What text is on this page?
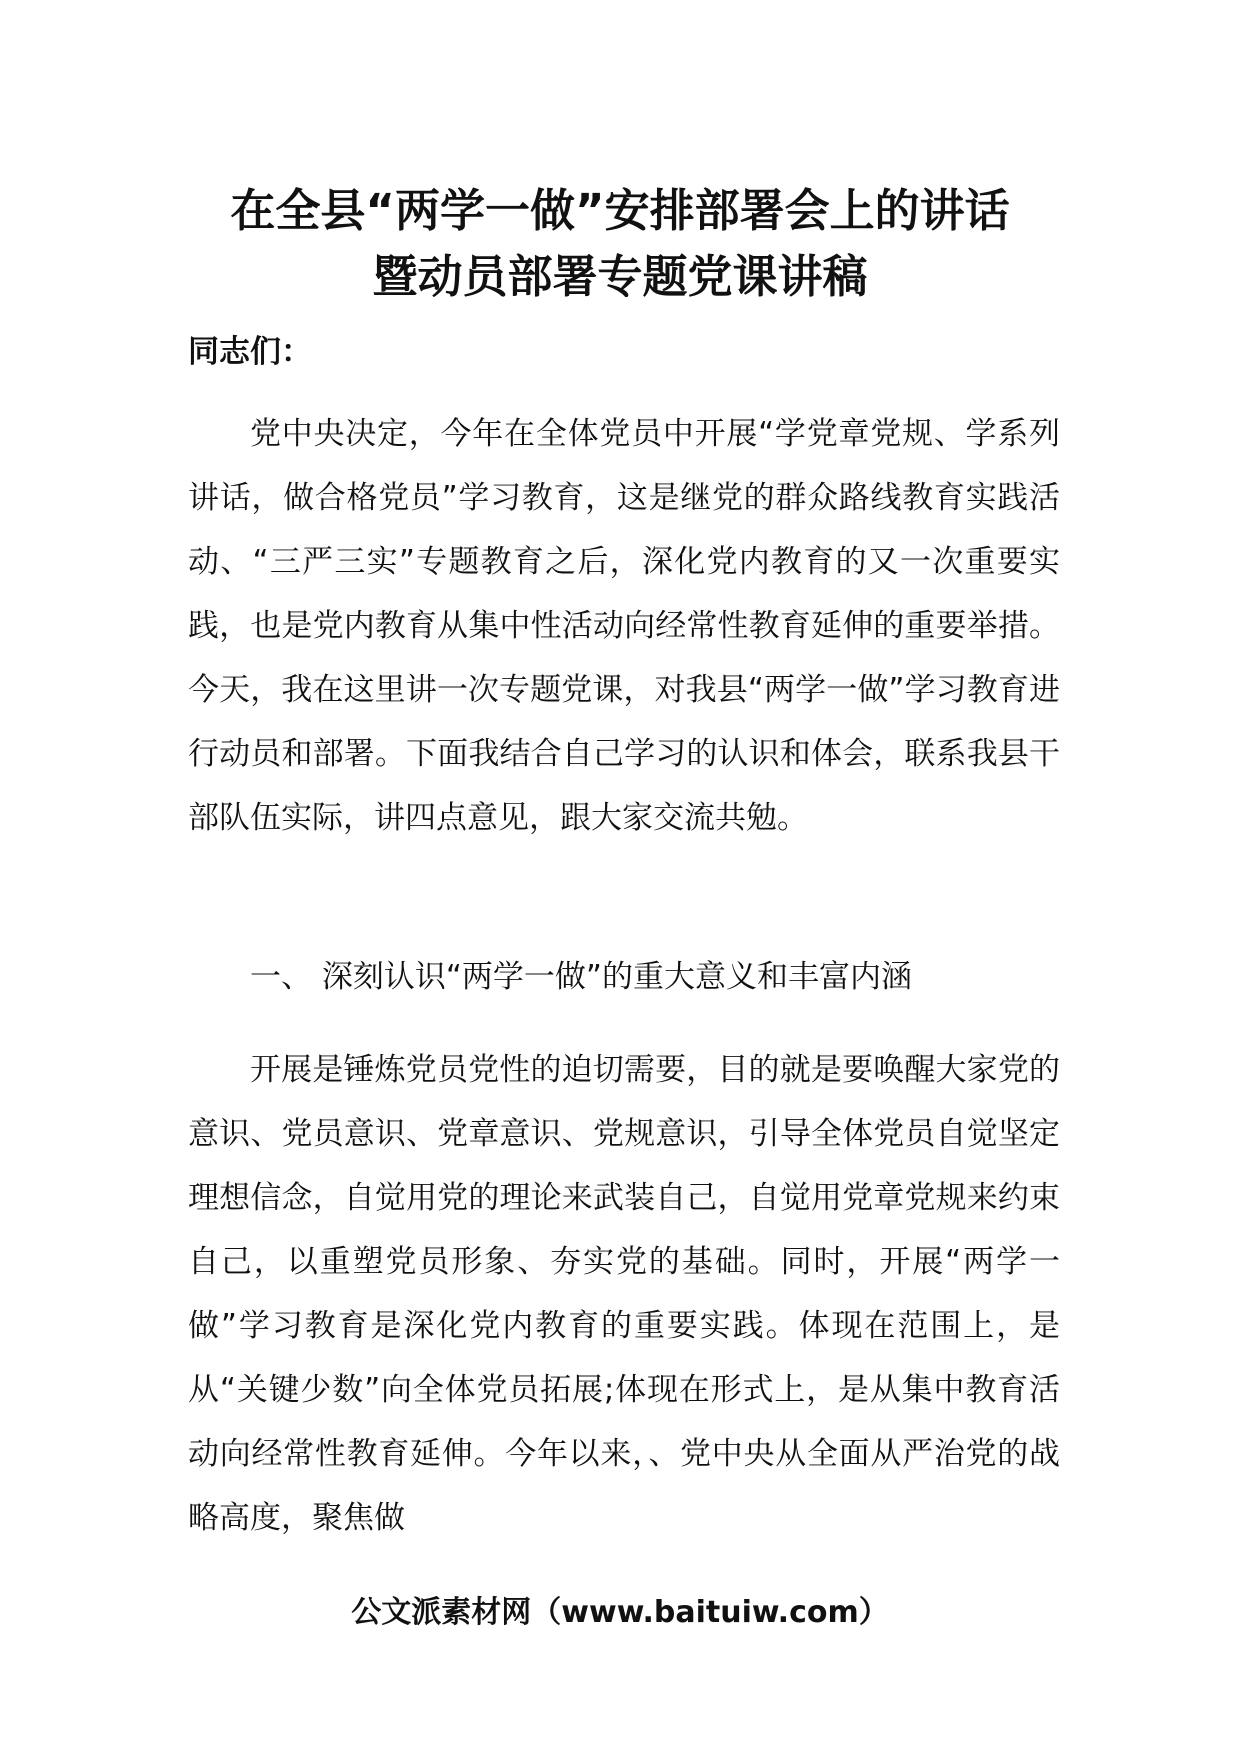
在全县“两学一做”安排部署会上的讲话
暨动员部署专题党课讲稿
同志们：

党中央决定，今年在全体党员中开展“学党章党规、学系列讲话，做合格党员”学习教育，这是继党的群众路线教育实践活动、“三严三实”专题教育之后，深化党内教育的又一次重要实践，也是党内教育从集中性活动向经常性教育延伸的重要举措。今天，我在这里讲一次专题党课，对我县“两学一做”学习教育进行动员和部署。下面我结合自己学习的认识和体会，联系我县干部队伍实际，讲四点意见，跟大家交流共勉。

一、 深刻认识“两学一做”的重大意义和丰富内涵

开展是锤炼党员党性的迫切需要，目的就是要唤醒大家党的意识、党员意识、党章意识、党规意识，引导全体党员自觉坚定理想信念，自觉用党的理论来武装自己，自觉用党章党规来约束自己，以重塑党员形象、夯实党的基础。同时，开展“两学一做”学习教育是深化党内教育的重要实践。体现在范围上，是从“关键少数”向全体党员拓展;体现在形式上，是从集中教育活动向经常性教育延伸。今年以来，、党中央从全面从严治党的战略高度，聚焦做

公文派素材网（www.baituiw.com）
